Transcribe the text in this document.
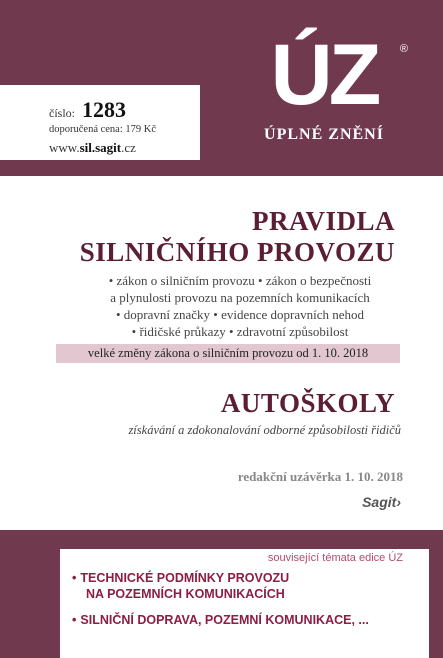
číslo: 1283
doporučená cena: 179 Kč
www.sil.sagit.cz
ÚZ	®
ÚPLNÉ ZNĚNÍ
PRAVIDLA
SILNIČNÍHO PROVOZU
• zákon o silničním provozu • zákon o bezpečnosti
a plynulosti provozu na pozemních komunikacích
• dopravní značky • evidence dopravních nehod
• řidičské průkazy • zdravotní způsobilost
velké změny zákona o silničním provozu od 1. 10. 2018
AUTOŠKOLY
získávání a zdokonalování odborné způsobilosti řidičů
redakční uzávěrka 1. 10. 2018
Sagit›
související témata edice ÚZ
• TECHNICKÉ PODMÍNKY PROVOZU
NA POZEMNÍCH KOMUNIKACÍCH
• SILNIČNÍ DOPRAVA, POZEMNÍ KOMUNIKACE, ...
